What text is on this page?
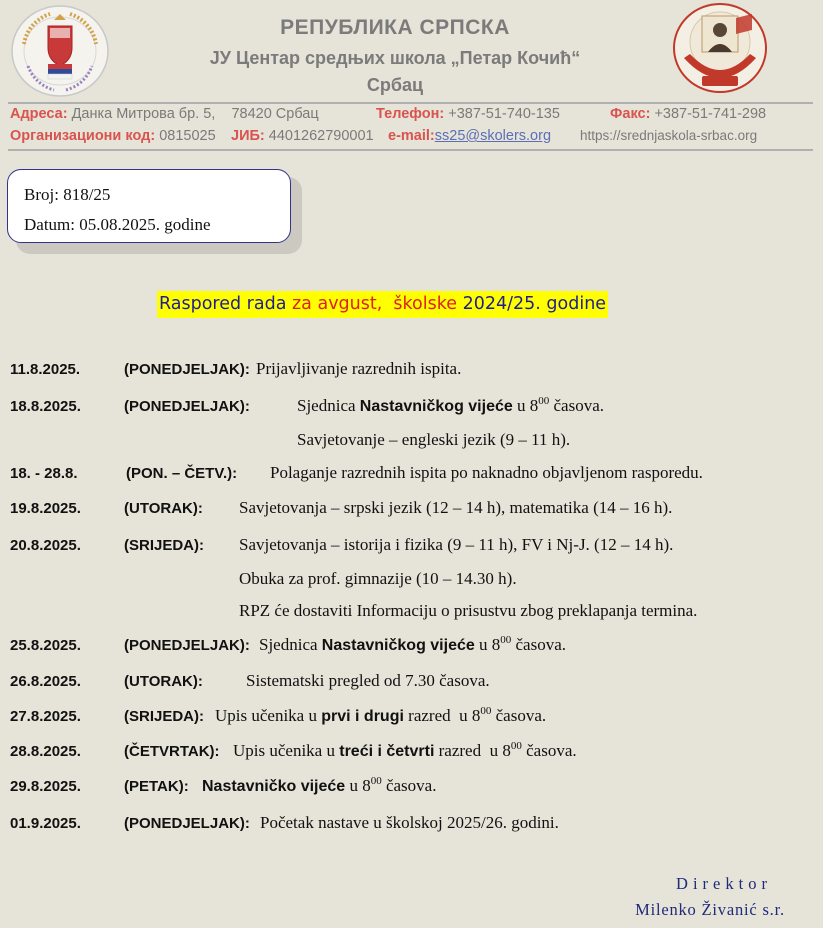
РЕПУБЛИКА СРПСКА
ЈУ Центар средњих школа „Петар Кочић“
Србац
Адреса: Данка Митрова бр. 5,    78420 Србац	Телефон: +387-51-740-135	Факс: +387-51-741-298
Организациони код: 0815025 ЈИБ: 4401262790001 e-mail:ss25@skolers.org https://srednjaskola-srbac.org
Broj: 818/25
Datum: 05.08.2025. godine
Raspored rada za avgust,  školske 2024/25. godine
11.8.2025.	(PONEDJELJAK): Prijavljivanje razrednih ispita.
18.8.2025.	(PONEDJELJAK):	Sjednica Nastavničkog vijeće u $8^{00}$ časova.
Savjetovanje – engleski jezik (9 – 11 h).
18. - 28.8.	(PON. – ČETV.): Polaganje razrednih ispita po naknadno objavljenom rasporedu.
19.8.2025.	(UTORAK): Savjetovanja – srpski jezik (12 – 14 h), matematika (14 – 16 h).
20.8.2025.	(SRIJEDA): Savjetovanja – istorija i fizika (9 – 11 h), FV i Nj-J. (12 – 14 h).
Obuka za prof. gimnazije (10 – 14.30 h).
RPZ će dostaviti Informaciju o prisustvu zbog preklapanja termina.
25.8.2025.	(PONEDJELJAK): Sjednica Nastavničkog vijeće u $8^{00}$ časova.
26.8.2025.	(UTORAK):	Sistematski pregled od 7.30 časova.
27.8.2025.	(SRIJEDA): Upis učenika u prvi i drugi razred  u $8^{00}$ časova.
28.8.2025.	(ČETVRTAK): Upis učenika u treći i četvrti razred  u $8^{00}$ časova.
29.8.2025.	(PETAK): Nastavničko vijeće u $8^{00}$ časova.
01.9.2025.	(PONEDJELJAK): Početak nastave u školskoj 2025/26. godini.
Direktor
Milenko Živanić s.r.
